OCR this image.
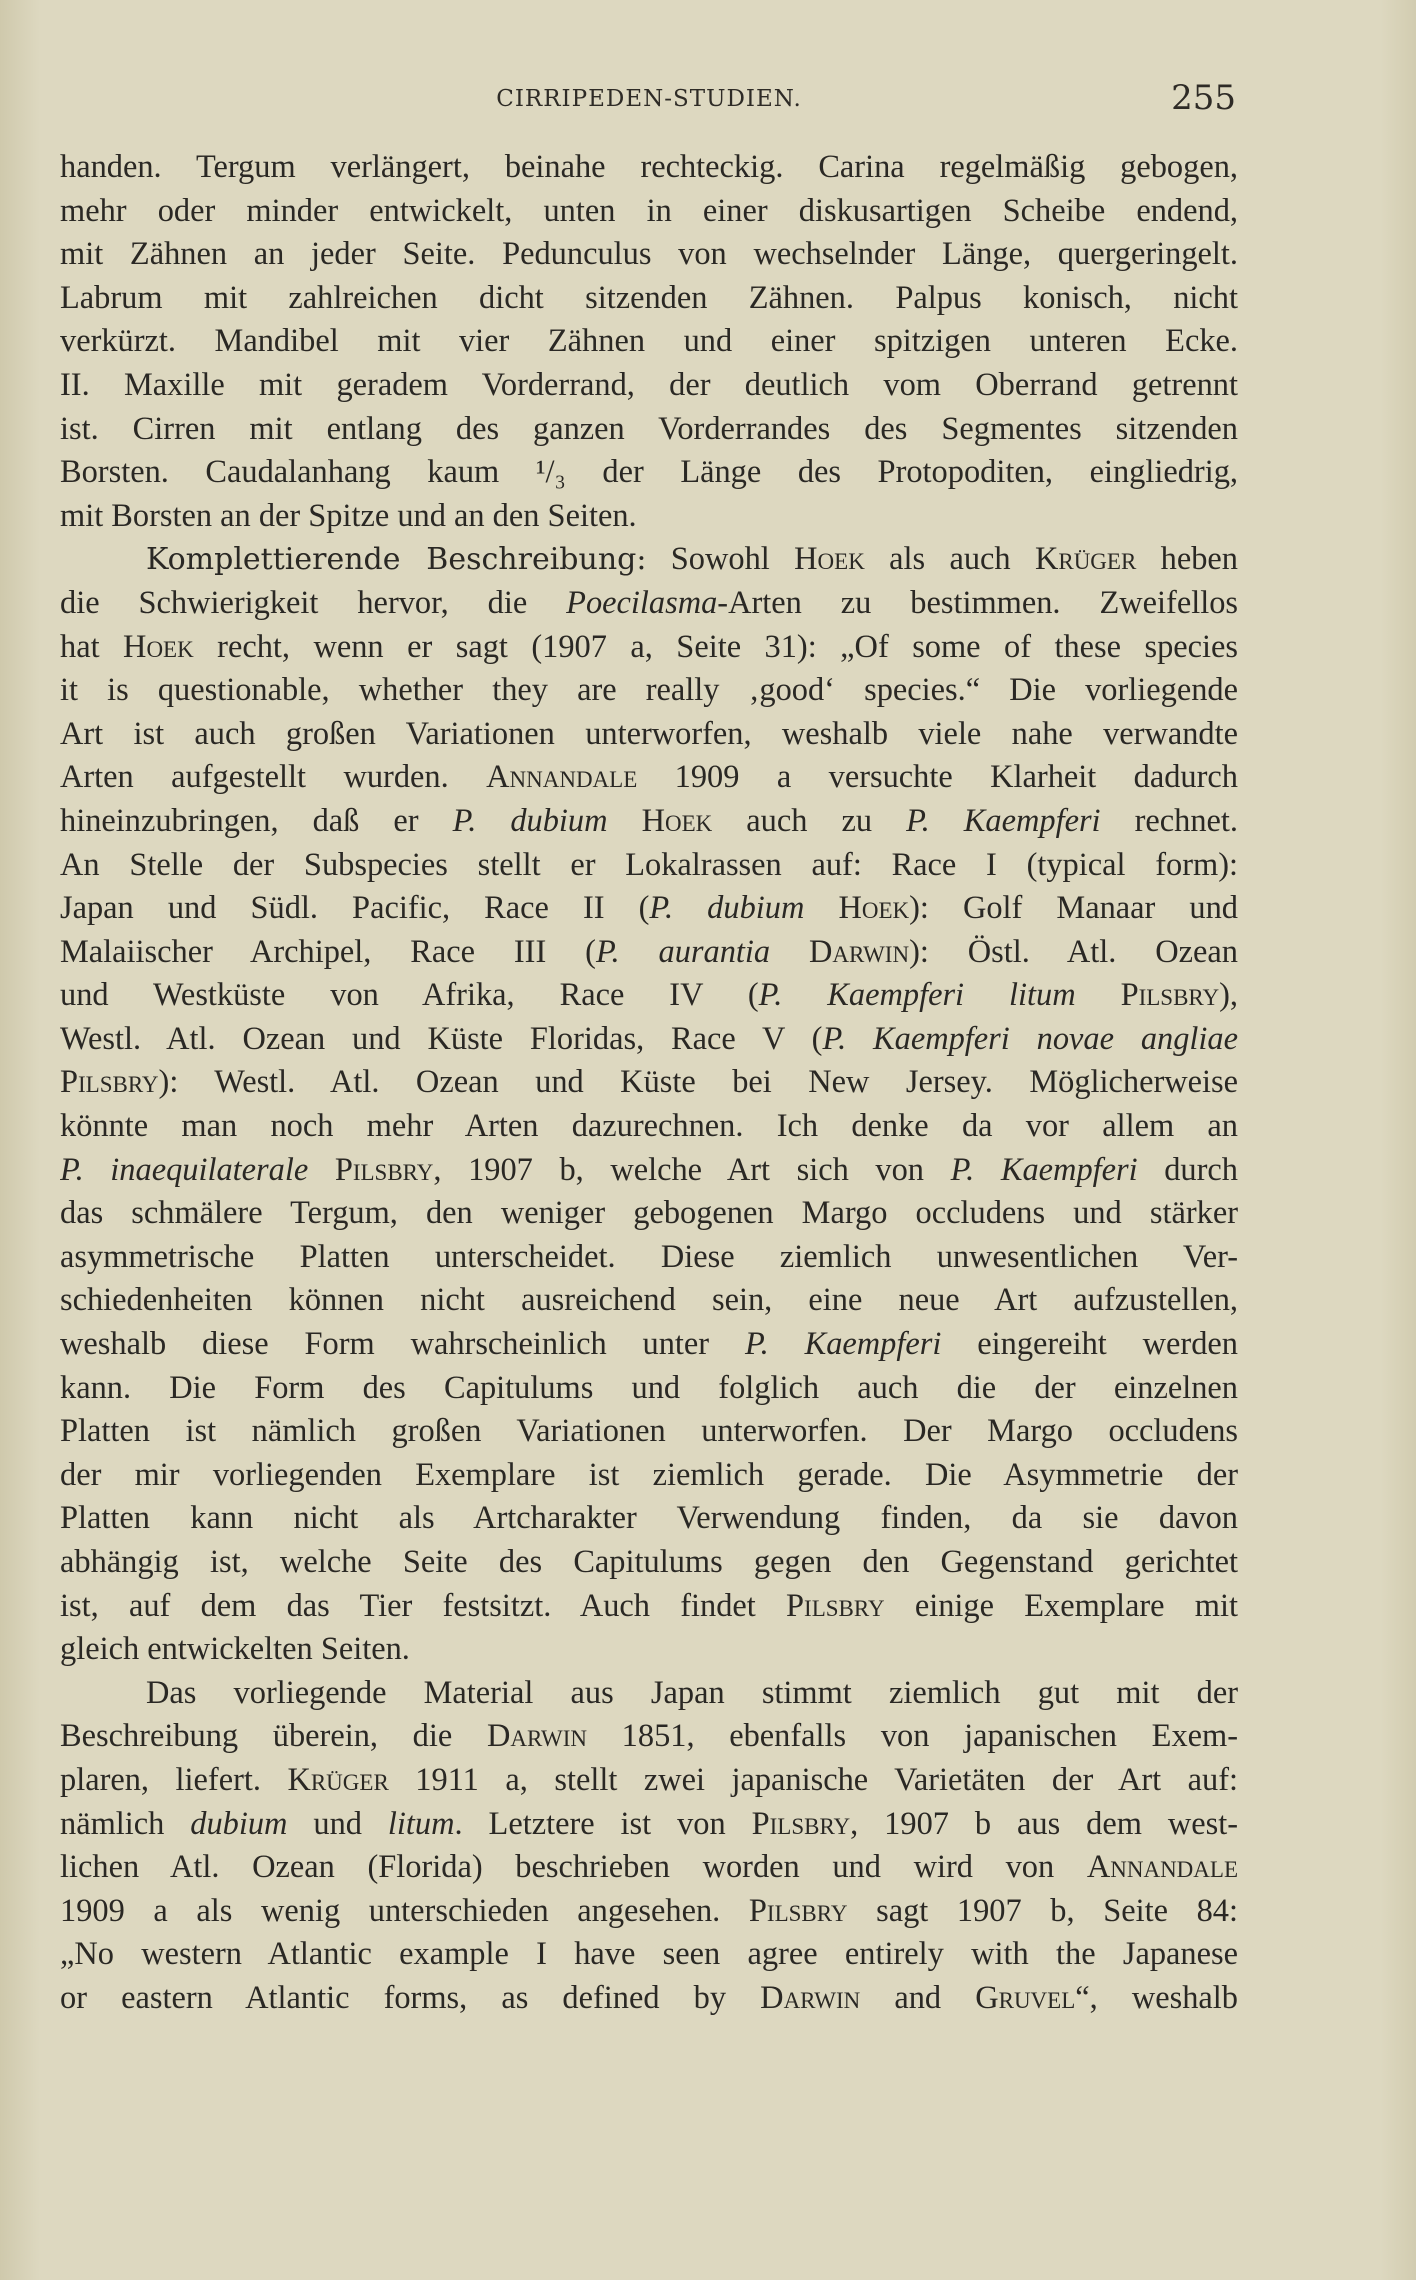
CIRRIPEDEN-STUDIEN.	255
handen. Tergum verlängert, beinahe rechteckig. Carina regelmäßig gebogen,
mehr oder minder entwickelt, unten in einer diskusartigen Scheibe endend,
mit Zähnen an jeder Seite. Pedunculus von wechselnder Länge, quergeringelt.
Labrum mit zahlreichen dicht sitzenden Zähnen. Palpus konisch, nicht
verkürzt. Mandibel mit vier Zähnen und einer spitzigen unteren Ecke.
II. Maxille mit geradem Vorderrand, der deutlich vom Oberrand getrennt
ist. Cirren mit entlang des ganzen Vorderrandes des Segmentes sitzenden
Borsten. Caudalanhang kaum ¹/₃ der Länge des Protopoditen, eingliedrig,
mit Borsten an der Spitze und an den Seiten.
Komplettierende Beschreibung: Sowohl Hoek als auch Krüger heben
die Schwierigkeit hervor, die Poecilasma-Arten zu bestimmen. Zweifellos
hat Hoek recht, wenn er sagt (1907 a, Seite 31): „Of some of these species
it is questionable, whether they are really ‚good‘ species.“ Die vorliegende
Art ist auch großen Variationen unterworfen, weshalb viele nahe verwandte
Arten aufgestellt wurden. Annandale 1909 a versuchte Klarheit dadurch
hineinzubringen, daß er P. dubium Hoek auch zu P. Kaempferi rechnet.
An Stelle der Subspecies stellt er Lokalrassen auf: Race I (typical form):
Japan und Südl. Pacific, Race II (P. dubium Hoek): Golf Manaar und
Malaiischer Archipel, Race III (P. aurantia Darwin): Östl. Atl. Ozean
und Westküste von Afrika, Race IV (P. Kaempferi litum Pilsbry),
Westl. Atl. Ozean und Küste Floridas, Race V (P. Kaempferi novae angliae
Pilsbry): Westl. Atl. Ozean und Küste bei New Jersey. Möglicherweise
könnte man noch mehr Arten dazurechnen. Ich denke da vor allem an
P. inaequilaterale Pilsbry, 1907 b, welche Art sich von P. Kaempferi durch
das schmälere Tergum, den weniger gebogenen Margo occludens und stärker
asymmetrische Platten unterscheidet. Diese ziemlich unwesentlichen Ver-
schiedenheiten können nicht ausreichend sein, eine neue Art aufzustellen,
weshalb diese Form wahrscheinlich unter P. Kaempferi eingereiht werden
kann. Die Form des Capitulums und folglich auch die der einzelnen
Platten ist nämlich großen Variationen unterworfen. Der Margo occludens
der mir vorliegenden Exemplare ist ziemlich gerade. Die Asymmetrie der
Platten kann nicht als Artcharakter Verwendung finden, da sie davon
abhängig ist, welche Seite des Capitulums gegen den Gegenstand gerichtet
ist, auf dem das Tier festsitzt. Auch findet Pilsbry einige Exemplare mit
gleich entwickelten Seiten.
Das vorliegende Material aus Japan stimmt ziemlich gut mit der
Beschreibung überein, die Darwin 1851, ebenfalls von japanischen Exem-
plaren, liefert. Krüger 1911 a, stellt zwei japanische Varietäten der Art auf:
nämlich dubium und litum. Letztere ist von Pilsbry, 1907 b aus dem west-
lichen Atl. Ozean (Florida) beschrieben worden und wird von Annandale
1909 a als wenig unterschieden angesehen. Pilsbry sagt 1907 b, Seite 84:
„No western Atlantic example I have seen agree entirely with the Japanese
or eastern Atlantic forms, as defined by Darwin and Gruvel“, weshalb
